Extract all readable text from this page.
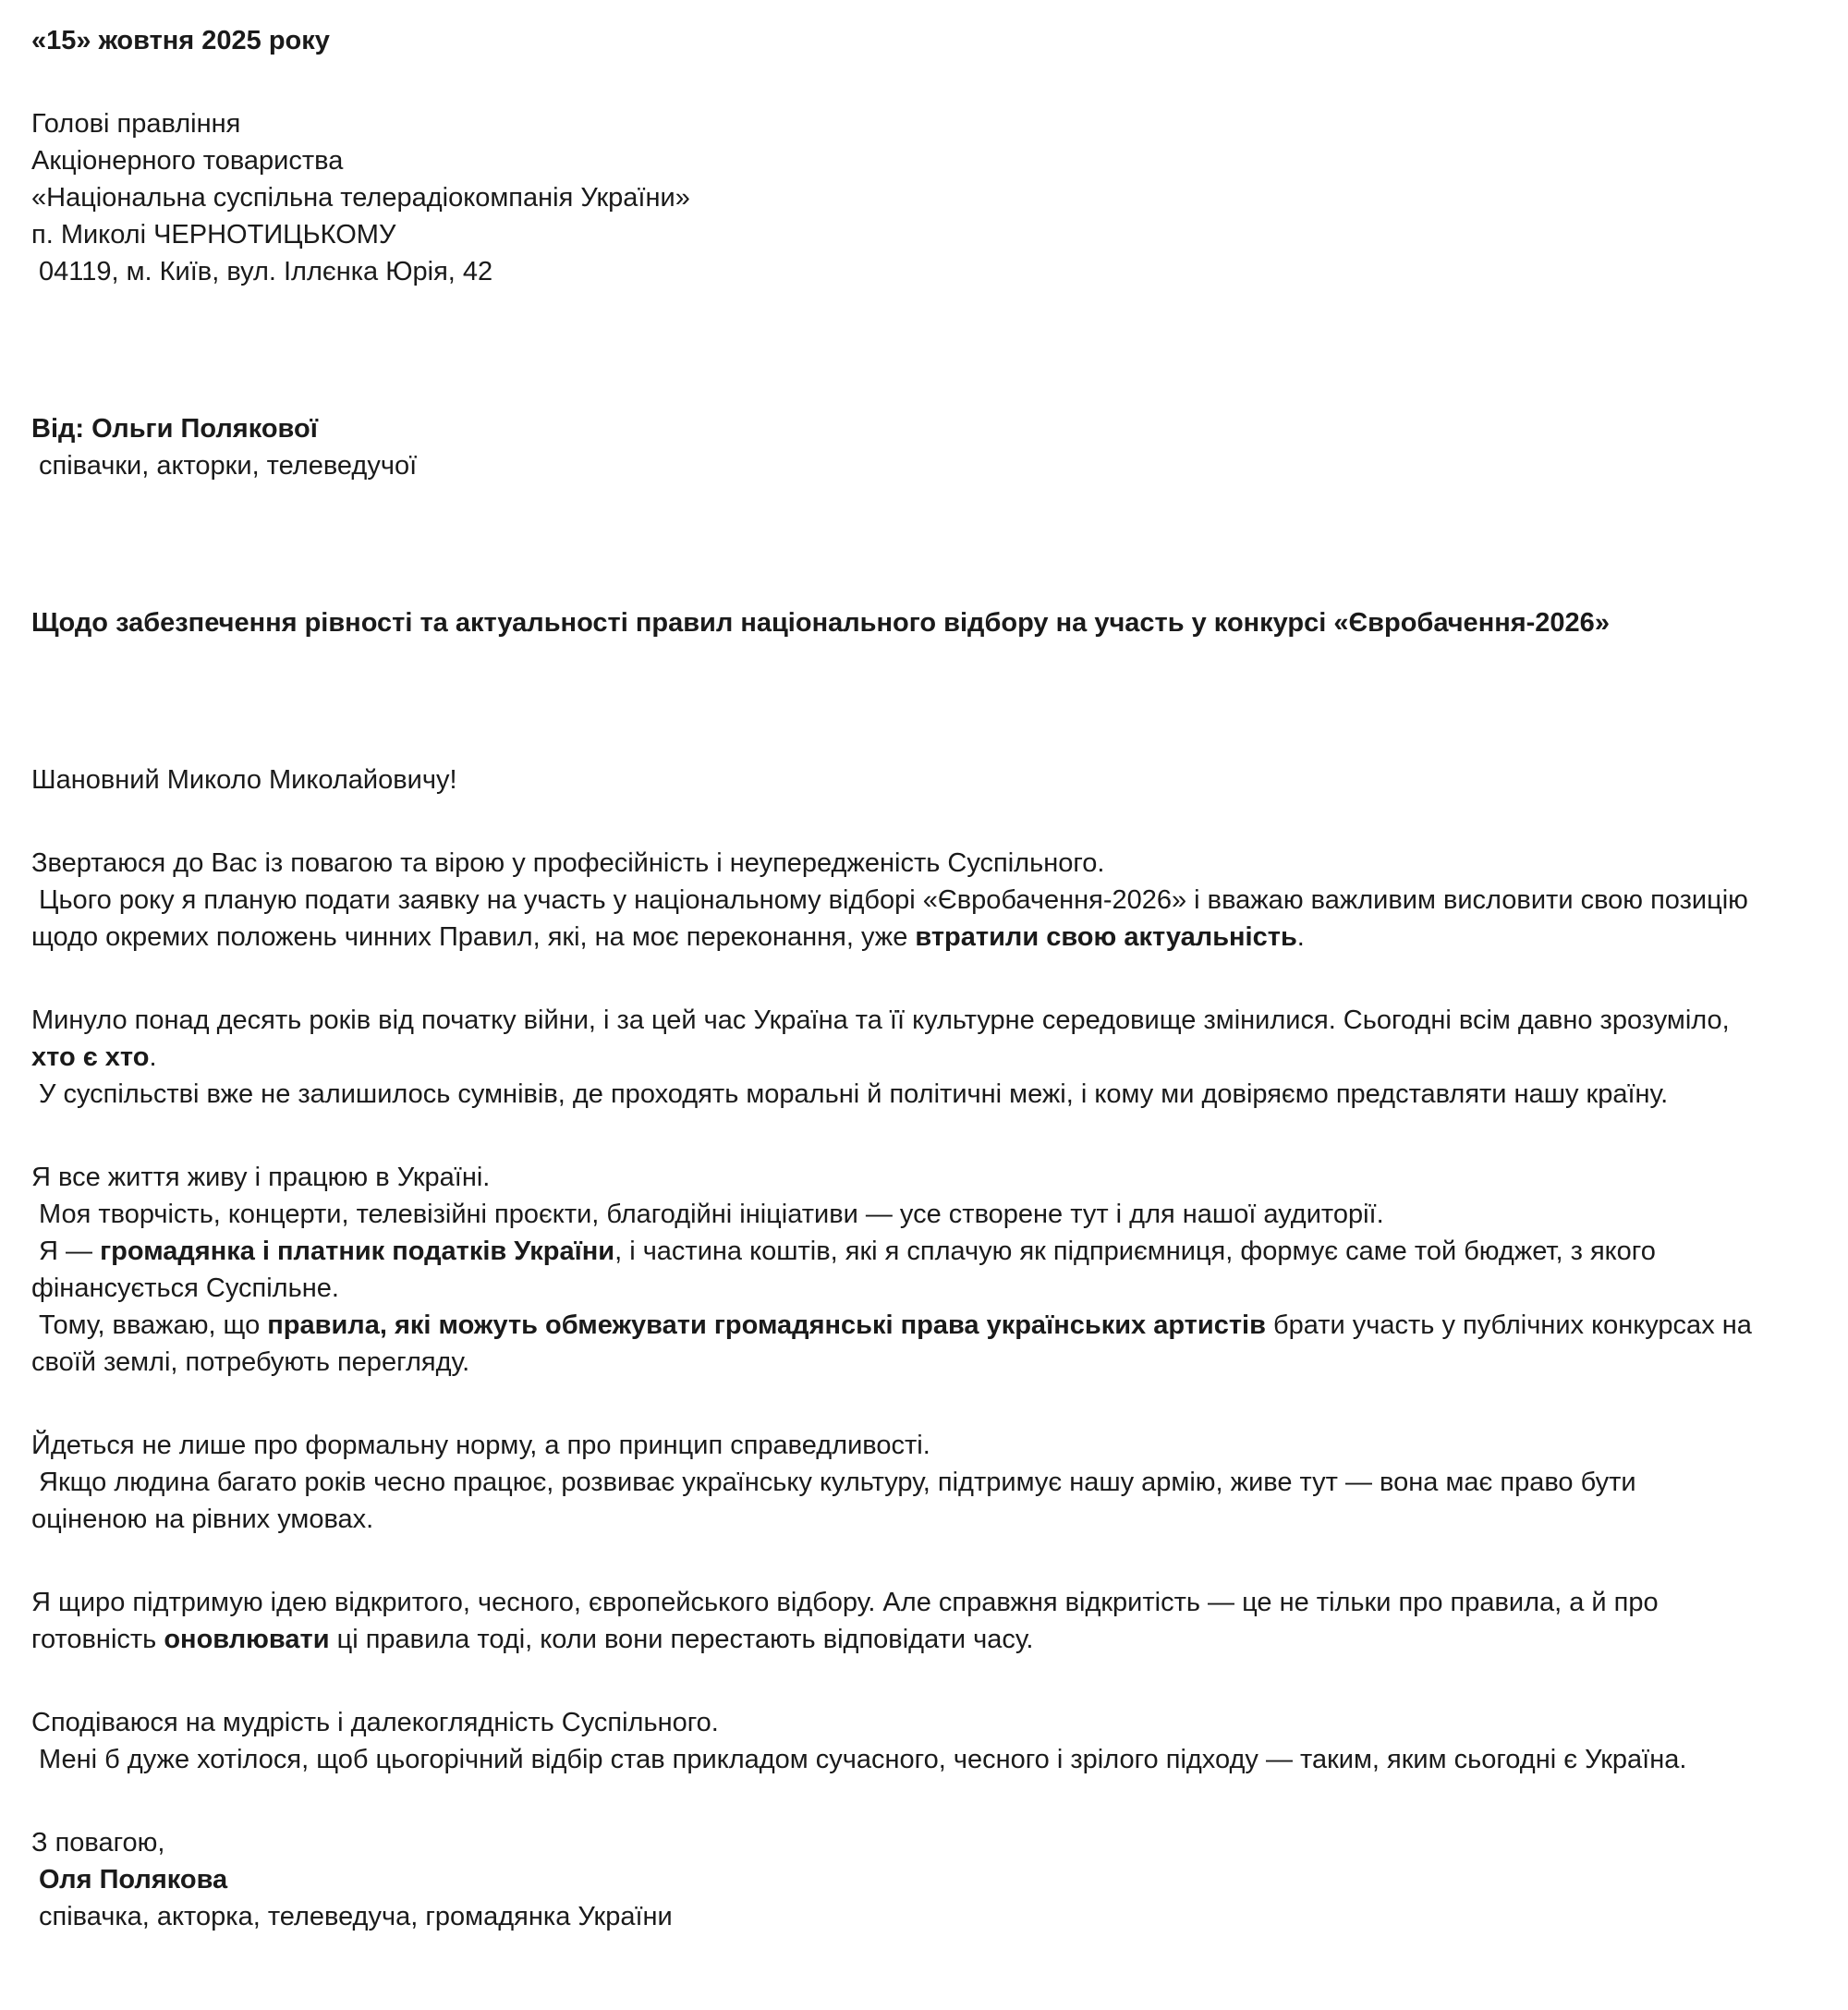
«15» жовтня 2025 року
Голові правління
Акціонерного товариства
«Національна суспільна телерадіокомпанія України»
п. Миколі ЧЕРНОТИЦЬКОМУ
04119, м. Київ, вул. Іллєнка Юрія, 42
Від: Ольги Полякової
співачки, акторки, телеведучої
Щодо забезпечення рівності та актуальності правил національного відбору на участь у конкурсі «Євробачення-2026»
Шановний Миколо Миколайовичу!
Звертаюся до Вас із повагою та вірою у професійність і неупередженість Суспільного.
Цього року я планую подати заявку на участь у національному відборі «Євробачення-2026» і вважаю важливим висловити свою позицію
щодо окремих положень чинних Правил, які, на моє переконання, уже втратили свою актуальність.
Минуло понад десять років від початку війни, і за цей час Україна та її культурне середовище змінилися. Сьогодні всім давно зрозуміло,
хто є хто.
У суспільстві вже не залишилось сумнівів, де проходять моральні й політичні межі, і кому ми довіряємо представляти нашу країну.
Я все життя живу і працюю в Україні.
Моя творчість, концерти, телевізійні проєкти, благодійні ініціативи — усе створене тут і для нашої аудиторії.
Я — громадянка і платник податків України, і частина коштів, які я сплачую як підприємниця, формує саме той бюджет, з якого
фінансується Суспільне.
Тому, вважаю, що правила, які можуть обмежувати громадянські права українських артистів брати участь у публічних конкурсах на
своїй землі, потребують перегляду.
Йдеться не лише про формальну норму, а про принцип справедливості.
Якщо людина багато років чесно працює, розвиває українську культуру, підтримує нашу армію, живе тут — вона має право бути
оціненою на рівних умовах.
Я щиро підтримую ідею відкритого, чесного, європейського відбору. Але справжня відкритість — це не тільки про правила, а й про
готовність оновлювати ці правила тоді, коли вони перестають відповідати часу.
Сподіваюся на мудрість і далекоглядність Суспільного.
Мені б дуже хотілося, щоб цьогорічний відбір став прикладом сучасного, чесного і зрілого підходу — таким, яким сьогодні є Україна.
З повагою,
Оля Полякова
співачка, акторка, телеведуча, громадянка України
